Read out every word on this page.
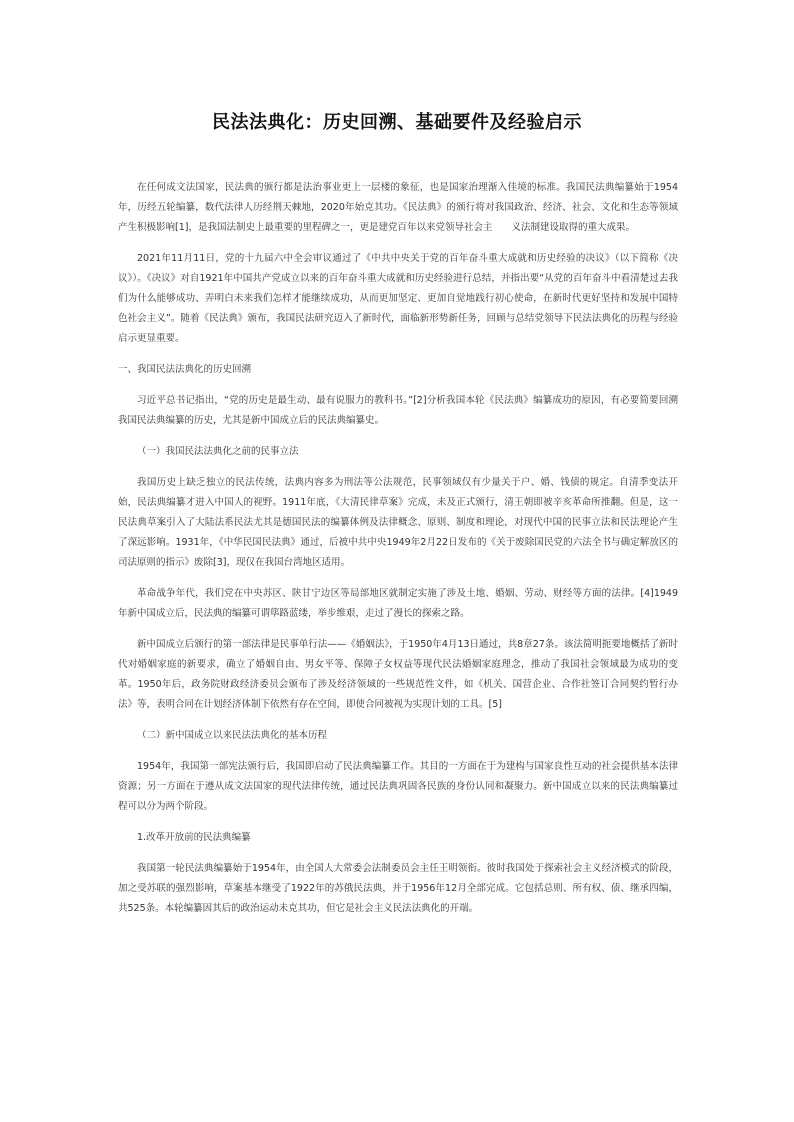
民法法典化：历史回溯、基础要件及经验启示

在任何成文法国家，民法典的颁行都是法治事业更上一层楼的象征，也是国家治理渐入佳境的标准。我国民法典编纂始于1954年，历经五轮编纂，数代法律人历经荆天棘地，2020年始克其功。《民法典》的颁行将对我国政治、经济、社会、文化和生态等领域产生积极影响[1]，是我国法制史上最重要的里程碑之一，更是建党百年以来党领导社会主　　义法制建设取得的重大成果。

2021年11月11日，党的十九届六中全会审议通过了《中共中央关于党的百年奋斗重大成就和历史经验的决议》（以下简称《决议》）。《决议》对自1921年中国共产党成立以来的百年奋斗重大成就和历史经验进行总结，并指出要“从党的百年奋斗中看清楚过去我们为什么能够成功、弄明白未来我们怎样才能继续成功，从而更加坚定、更加自觉地践行初心使命，在新时代更好坚持和发展中国特色社会主义”。随着《民法典》颁布，我国民法研究迈入了新时代，面临新形势新任务，回顾与总结党领导下民法法典化的历程与经验启示更显重要。

一、我国民法法典化的历史回溯

习近平总书记指出，“党的历史是最生动、最有说服力的教科书。”[2]分析我国本轮《民法典》编纂成功的原因，有必要简要回溯我国民法典编纂的历史，尤其是新中国成立后的民法典编纂史。

（一）我国民法法典化之前的民事立法

我国历史上缺乏独立的民法传统，法典内容多为刑法等公法规范，民事领域仅有少量关于户、婚、钱债的规定。自清季变法开始，民法典编纂才进入中国人的视野。1911年底，《大清民律草案》完成，未及正式颁行，清王朝即被辛亥革命所推翻。但是，这一民法典草案引入了大陆法系民法尤其是德国民法的编纂体例及法律概念、原则、制度和理论，对现代中国的民事立法和民法理论产生了深远影响。1931年，《中华民国民法典》通过，后被中共中央1949年2月22日发布的《关于废除国民党的六法全书与确定解放区的司法原则的指示》废除[3]，现仅在我国台湾地区适用。

革命战争年代，我们党在中央苏区、陕甘宁边区等局部地区就制定实施了涉及土地、婚姻、劳动、财经等方面的法律。[4]1949年新中国成立后，民法典的编纂可谓筚路蓝缕，举步维艰，走过了漫长的探索之路。

新中国成立后颁行的第一部法律是民事单行法——《婚姻法》，于1950年4月13日通过，共8章27条。该法简明扼要地概括了新时代对婚姻家庭的新要求，确立了婚姻自由、男女平等、保障子女权益等现代民法婚姻家庭理念，推动了我国社会领域最为成功的变革。1950年后，政务院财政经济委员会颁布了涉及经济领域的一些规范性文件，如《机关、国营企业、合作社签订合同契约暂行办法》等，表明合同在计划经济体制下依然有存在空间，即使合同被视为实现计划的工具。[5]

（二）新中国成立以来民法法典化的基本历程

1954年，我国第一部宪法颁行后，我国即启动了民法典编纂工作。其目的一方面在于为建构与国家良性互动的社会提供基本法律资源；另一方面在于遵从成文法国家的现代法律传统，通过民法典巩固各民族的身份认同和凝聚力。新中国成立以来的民法典编纂过程可以分为两个阶段。

1.改革开放前的民法典编纂

我国第一轮民法典编纂始于1954年，由全国人大常委会法制委员会主任王明领衔。彼时我国处于探索社会主义经济模式的阶段，加之受苏联的强烈影响，草案基本继受了1922年的苏俄民法典，并于1956年12月全部完成。它包括总则、所有权、债、继承四编，共525条。本轮编纂因其后的政治运动未克其功，但它是社会主义民法法典化的开端。
